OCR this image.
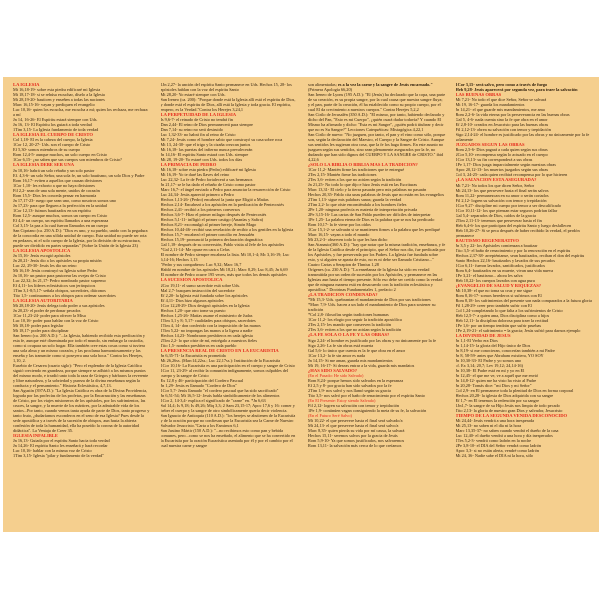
LA IGLESIA
Mt 16,18-19- sobre esta piedra edificaré mi Iglesia
Mt 18,17-18- si se rehúsa escuchar, díselo a la Iglesia
Mt 28,19-20- bauticen y enseñen a todas las naciones
Marc 16,15-16- vayan y prediquen el evangelio
Luc 10,16- quien los escucha, me escucha a mí; quien los rechaza, me rechaza a mí
Jn 14, 16-26- El Espíritu estará siempre con Uds.
Jn 16, 13- El Espíritu los guiará a toda verdad
1Tim 3,15- La Iglesia fundamento de toda verdad
LA IGLESIA EL CUERPO DE CRISTO
Col 1,18- El es la cabeza del cuerpo, la Iglesia
1Cor 12, 20-27- Uds. son el cuerpo de Cristo
Ef 5,30- somos miembros de su cuerpo
Rom 12,4-5- aunque muchos, un solo cuerpo en Cristo
1Cor 6,15- ¿no saben que sus cuerpos son miembros de Cristo?
LA IGLESIA DEBE SER UNA
Jn 10,16- habrá un solo rebaño y un solo pastor
Ef. 4,3-6- un solo Señor, una sola fe, un solo bautismo, un solo Dios y Padre
Rom 16,17- eviten a aquellos que causan divisiones
1Cor 1,10- les exhorto a que no haya divisiones
Fil 2,2- sean de una sola mente, unidos de corazón
Rom 15,5- Dios les conceda pensar en harmonía
Jn 17,17-23- ruego que sean uno, como nosotros somos uno
Jn 17,23- para que lleguen a la perfección en la unidad
1Cor 12,13- fuimos bautizados en un espíritu
Rom 12,5- aunque muchos, somos un cuerpo en Cristo
Ef 4,4- un cuerpo, un espíritu llamados a una esperanza
Col 3,15- la paz a la cual fueron llamados en un cuerpo
San Cipriano (ca. 250 A.D.): "Dios es uno, y su pueblo, unido con la pegadura de la concordia en una sólida unidad de cuerpo. Esta unidad no puede ser rota en pedazos, ni el solo cuerpo de la Iglesia, por la división de su estructura, puede ser dividido en partes separadas" (Sobre la Unión de la Iglesia 23)
LA IGLESIA APOSTOLICA
Jn 15,16- Jesús escogió apóstoles
Jn 20,21- Jesús dio a los apóstoles su propia misión
Luc 22, 29-30- Jesús les dio un reino
Mt 16,18- Jesús construyó su Iglesia sobre Pedro
Jn 10,16- un pastor para pastorear las ovejas de Cristo
Luc 22,32; Jn 21,17- Pedro nombrado pastor supremo
Ef 4,11- los líderes eclesiásticos son jerárquicos
1Tim 3,1-8;5,17- señala obispos, sacerdotes, diáconos
Tito 1,5- continuamos a los obispos para ordenar sacerdotes
LA IGLESIA AUTORITARIA
Mt 28,18-20- Jesús delega todo poder a sus apóstoles
Jn 20,23- el poder de perdonar pecados
1Cor 11,23-24- poder para ofrecer la Misa
Luc 10,16- poder para hablar con la voz de Cristo
Mt 18,18- poder para legislar
Mt 18,17- poder para disciplinar
San Ireneo (ca. 200 A.D.): "...la Iglesia, habiendo recibido esta predicación y esta fe, aunque esté diseminada por todo el mundo, sin embargo la custodia, como si ocupara un solo hogar. Ella también cree estas cosas como si tuviera una sola alma y un mismo corazón, y las proclama harmoniosamente y las enseña y las transmite como si poseyera una sola boca." Contra los Herejes, 1,10, 2.
Eusebio de Cesarea (cuarto siglo): "Pero el esplendor de la Iglesia Católica siguió creciendo en grandeza, porque siempre se adhirió a los mismos puntos del mismo modo, e irradió unto toda la raza de Griegos y bárbaros la reverente y libre naturaleza, y la sobriedad y pureza de la divina enseñanza según la conducta y el pensamiento." Historia Eclesiástica, 4,7,13.
San Agustín (397A.D.): "La Iglesia Católica es obra de la Divina Providencia, lograda por las profecías de los profetas, por la Encarnación y las enseñanzas de Cristo, por los viajes misioneros de los apóstoles, por los sufrimientos, las cruces, la sangre, y la muerte de los mártires, por la admirable vida de los santos...Por tanto, cuando vemos tanta ayuda de parte de Dios, tanto progreso y tanto fruto, ¿dudaríamos esconderos en el seno de esa Iglesia? Pues desde la sede apostólica y a través de la sucesión de obispos, aun hasta la abierta confesión de toda la humanidad, ella ha poseído la corona de la autoridad didáctica". La Ventaja de Creer 35.
IGLESIA INFALIBLE
Jn 16,13- Guiada por el espíritu Santo hacia toda verdad
Jn 14,26- El espíritu Santo les enseñará y hará recordar
Luc 10,16- hablar con la misma voz de Cristo
1Tim 3,15- Iglesia "pilar y fundamento de la verdad"
1Jn 2,27- la unción del espíritu Santo permanece en Uds. Hechos 15, 28- los apóstoles hablan con la voz del espíritu Santo
Mt 28,20- Yo estaré siempre con Uds.
San Ireneo (ca. 200): "Porque donde está la Iglesia allí está el espíritu de Dios, y donde está el espíritu de Dios, allí está la Iglesia y toda gracia. El espíritu, empero, es la Verdad."Contra los Herejes 3,24,1
LA PERPETUIDAD DE LA IGLESIA
Is 9,6-7- el reinado de Cristo no tendrá fin
Dan 2,44- El reino de Dios permanecerá para siempre
Dan 7,14- su reino no será destruido
Luc 1,32-33- no habrá fin al reino de Cristo
Mt 7,24- Jesús como el hombre sabio que construyó su casa sobre roca
Mt 13, 24-30- que el trigo y la cizaña crezcan juntos
Mt 16,18- las puertas del infierno nunca prevalecerán
Jn 14,16- El espíritu Santo estará con Uds. siempre
Mt 28, 19-20- Yo estaré con Uds. todos los días
LA PRIMACIA DE PEDRO
Mt 16,18- sobre esta piedra (Pedro) edificaré mi Iglesia
Mt 16,19- Yo te daré las llaves del reino
Luc 22,32- La fe de Pedro fortalecerá a sus hermanos
Jn 21,17- se le ha dado el rebaño de Cristo como pastor
Marc 16,7- el ángel enviado a Pedro para anunciar la resurrección de Cristo
Luc 24,34- Jesús apareció primero a Pedro
Hechos 1,13-26- (Pedro) encabezó la junta que Eligió a Matías
Hechos 2,14- Encabezó a los apóstoles en la predicación de Pentecostés
Hechos 2,41- recibió a los primeros conversos
Hechos 3,6-7- Hizo el primer milagro después de Pentecostés
Hechos 5,1-11- infligió el primer castigo (Ananías y Safira)
Hechos 8,21- excomulgó al primer hereje, Simón Mago
Hechos 10,44-46- recibió una revelación de recibir a los gentiles en la Iglesia
Hechos 15,7- encabezó el primer concilio en Jerusalén
Hechos 15,19- pronunció la primera declaración dogmática
Gal 1,18- después de su conversión, Pablo visita al Jefe de los apóstoles
*Gal 2,11-14- Me opuse en cara a Cefas
El nombre de Pedro siempre encabeza la lista. Mt 10,1-4; Mc 3,16-19; Luc 6,14-16; Hechos 1,13
"Pedro y sus compañeros: Luc 9,32; Marc 16,7
Habló en nombre de los apóstoles Mt 18,21; Marc 8,29; Luc 8,45; Jn 6,69
El nombre de Pedro ocurre 195 veces, más que todos los demás apóstoles
LA SUCESION APOSTOLICA
2Cro 19,11- el sumo sacerdote está sobre Uds.
Mal 2,7- busquen instrucción del sacerdote
Ef 2,20- la Iglesia está fundada sobre los apóstoles
Ef 4,11- Dios hizo algunos apóstoles
1Cor 12,28-29- Dios designó apóstoles en la Iglesia
Hechos 1,20- que otro tome su puesto
Hechos 1,25-26- Matías asume el ministerio de Judas
1Tim 3,1 y 8; 5,17- cualidades para obispos, sacerdotes
1Tim 4, 14- don conferido con la imposición de las manos
1Tim 5,22- no impongas las manos a la ligera a nadie
Hechos 14,23- Nombraron presbíteros en cada iglesia
2Tim 2,2- lo que oíste de mí, entrégalo a maestros fieles
Tito 1,5- nombra presbíteros en cada pueblo
LA PRESENCIA REAL DE CRISTO EN LA EUCARISTIA
Jn 6,35-71- la Eucaristía es prometida
Mt 26,26ss. (Marc14,22ss.; Luc 22,17ss.): Institución de la Eucaristía
1Cor 10,16- La Eucaristía es una participación en el cuerpo y sangre de Cristo
1Cor 11, 23-29- al recibir la comunión indignamente, somos culpables del cuerpo y la sangre de Cristo
Ex 12,8 y 46- participación del Cordero Pascual
Jn 1,29- Jesús es llamado "Cordero de Dios"
1Cor 5,7- Jesús llamado "el cordero pascual que ha sido sacrificado"
Jn 6,51-54; Mt 16,5-12- Jesús habla simbólicamente de los alimentos
1Cor 2, 14-3,4- explica el significado de "carne" en. *Jn 6,63
Sal 14,4; Is 9,18; Is 49,26; Miq 3,3; 2 Sam 23,15-17; Apoc 17,6 y 16: comer y beber el cuerpo y la sangre de otro simbólicamente quería decir violencia.
San Ignacio de Antioquía (110 A.D.): "los herejes se abstienen de la Eucaristía y de la oración porque no confiesan que la Eucaristía sea la Carne de Nuestro Salvador Jesucristo."Carta a los Esmirnos 6,1
San Justino Mártir (150 A.D.): "...no recibimos esto como pan y bebida comunes, pero...como se nos ha enseñado, el alimento que se ha convertido en la Eucaristía por la oración Eucarística asentada por él y por el cambio por el cual nuestra carne y sangre
son alimentadas; es a la vez la carne y la sangre de Jesús encarnado." (Primera Apología 66,20)
San Ireneo de Lyons (195 A.D.): "El (Jesús) ha declarado que la copa, una parte de su creación, es su propia sangre, por la cual causa que nuestra sangre fluya; y el pan, parte de la creación, él ha establecido como su propio cuerpo, por el cual El da crecimiento a nuestros cuerpos." Contra Herejes 5,2,2
San Cirilo de Jerusalén (350 A.D.): "El mismo, por tanto, habiendo declarado y dicho del Pan, "Esto es mi Cuerpo", ¿quién osará dudar todavía? Y cuando El Mismo ha afirmado y dicho: "Esta es mi Sangre", ¿quién podrá titubear y decir que no es Su Sangre?" Lecciones Catequéticas: Mistagógica 4,22,1
San Cirilo de nuevo: "No juzguen, por tanto, el pan y el vino como sólo, porque son, según la declaración del Maestro, el Cuerpo y la Sangre de Cristo. Aunque sus sentidos les sugieran otra cosa, que la fe los haga firmes. En este asunto no juzguen según sus sentidos, sino sean plenamente asegurados por la fe, no dudando que han sido dignos del CUERPO Y LA SANGRE de CRISTO." ibid 4,22,6
¿SOLO LA BIBLIA O BIBLIA MAS LA TRADICION?
1Cor 11,2- Mantén firme las tradiciones que te entregué
2Tes 2,15- Mantén firme las tradiciones
2Tes 3,6- eviten a los que no actúen según la tradición
Jn 21,25- No todo lo que dijo e hizo Jesús está en las Escrituras
Marc 13,31- El cielo y la tierra pasarán pero mis palabras no pasarán
Hechos 20,35- Pablo cita unas palabras de Jesús que no están en los evangelios
2Tim 1,13- sigue mis palabras sanas; guarda la verdad
2Tim 2,2- lo que oíste encomiéndalo a los hombres fieles
2Pe 1,20- ninguna profecía es materia de interpretación privada
2Pe 3,15-16- Las cartas de San Pablo pueden ser difíciles de interpretar
1Pe 1,25- La palabra eterna de Dios es la palabra que se nos ha predicado
Rom 10,17- la fe viene por los oídos
1Cor 15,1-2- se salvarán si se mantienen firmes a la palabra que les prediqué
Marc 16,15- vayan a todo el mundo
Mt 23,2-3- observen todo lo que les han dicho
San Atanasio(360 A.D.): "hay que notar que la misma tradición, enseñanza, y fe de la Iglesia Católica desde el principio, que el Señor nos dio, fue predicada por los Apóstoles, y fue preservada por los Padres. La Iglesia fue fundada sobre esto, y si alguien se aparta de esto, no es ni debe ser llamado Cristiano..." Cuatro Cartas a Serapion de Thmius 1,28
Orígenes (ca. 230 A.D.): "La enseñanza de la Iglesia ha sido en verdad transmitida por un orden de sucesión por los Apóstoles, y permanece en las Iglesias aun hasta el tiempo presente. Sólo eso debe ser creído como la verdad que de ninguna manera está en desacuerdo con la tradición eclesiástica y apostólica." Doctrinas Fundamentales 1, prefacio 2
¿LA TRADICION CONDENADA?
*Mt 15,3- Uds. quebrantan el mandamiento de Dios por sus tradiciones
*Marc 7,9- Uds. hacen a un lado el mandamiento de Dios para sostener su tradición
*Col 2,8- filosofías según tradiciones humanas
1Cor 11,2- los elogio por seguir la tradición apostólica
2Tes 2,15- les mando que conserven la tradición
2Tes 3,6- eviten a los que no actúan según la tradición
¿LA FE SOLA O LA FE Y LAS OBRAS?
Sigo 2,24- el hombre es justificado por las obras y no únicamente por la fe
Sigo 2,26- La fe sin obras está muerta
Gal 5,6- lo único que cuenta es la fe que obra en el amor
1Cor 13,2- la fe sin amor es nada
Jn 14,15- Si me aman, guarda mis mandamientos
Mt 19, 16-17- Si deseas entrar a la vida, guarda mis mandatos
¿HAS SIDO SALVADO?
(En el Pasado: He sido Salvado)
Rom 8,24- porque hemos sido salvados en la esperanza
Ef 2,5 y 8- por gracia han sido salvados por la fe
2Tim 1,9- nos salvó y nos llamó según su gracia
Tito 3,5- nos salvó por el baño de renacimiento por el espíritu Santo
(En El Presente: Estoy siendo Salvado)
Fil 2,12- logren su salvación con temor y trepidación
1Pe 1,9- continúen vagan consiguiendo la meta de su fe, la salvación
(En el Futuro Seré Salvo)
Mt 10,22- el que persevere hasta el final será salvado/a
Mt 24,13- el que persevere hasta el final será salvo/a
Marc 8,35- quien pierda su vida por mí causa, la salvará
Hechos 15,11- seremos salvos por la gracia de Jesús
Rom 5,9-10- Ya que somos justificados, nos salvaremos
Rom 13,11- la salvación más cerca de lo que creíamos
1Cor 3,15- será salvo, pero como a través de fuego
Heb 9,28- Jesús aparecerá por segunda vez, para traer la salvación
LAS BUENAS OBRAS
Mt 7,21- No todo el que dice Señor, Señor se salvará
Mt 19, 16-17- guarda los mandamientos
Jn 14,21- el que guarde mis mandamientos, me ama
Rom 2,2-6- la vida eterna por la perseverancia en las buenas obras
Gal 5, 4-6- nada cuenta sino la fe que obra en el amor
Ef 2,8-10- creados en Jesucristo para las buenas obras
Fil 2,12-13- obrea su salvación con temor y trepidación
Sigo 2,14-24- el hombre es justificado por las obras y no únicamente por la fe solamente
JUZGADOS SEGUN LAS OBRAS
Rom 2,5-6- Dios pagará a cada quien según sus obras
2Cor 5,10- recompensa según lo actuado en el cuerpo
1Cor 13,13- su fin corresponderá a sus obras
1Pe 1,17- Dios juzga imparcialmente según nuestras obras
Apoc 20,12-13- los muertos juzgados según sus obras
Col 3, 24-25- cada quien recibirá recompensa por lo que hicieren
¿LA SALVACION ESTA ASEGURADA?
Mt 7,21- No todos los que dicen Señor, Señor
Mt 24,13- los que persevere hasta el final serán salvos
Rom 11,22- permanezcan en su amor o serán cortados
Fil 2,12- logren su salvación con temor y trepidación
1Cor 9,27- discipline mi cuerpo por temor a ser descalificado
1Cor 10,11-12- los que piensan estar seguros podrían fallar
Gal 5,4- separados de Dios, caídos de la gracia
2Tim 2,11-13- tenemos que perseverar hasta el fin
Heb 6,4-6- los que participan del espíritu Santo y luego desfallecen
Heb 10,26-27- Si se peca después de haber recibido la verdad, el perdón permanece
BAUTISMO REGENERATIVO
Jn 3,5 y 22- los Apóstoles comienzan a bautizar
Tito 3,5- el baño de renacimiento y por la renovación en el espíritu
Hechos 2,37-38- arrepiéntanse, sean bautizados, reciban el don del espíritu
Santo Hechos 22,16- bautizados y lavados de sus pecados
1Cor 6,11- fueron lavados, santificados, justificados
Rom 6,4- bautizados en su muerte, vivan una vida nueva
1Pe 3,21- el bautismo... ahora les salva
Heb 10,22- los cuerpos lavados con agua pura
¿EVANGELIO DE SALUD Y RIQUEZAS?
Mt 10,38- el que no toma su cruz y me sigue
Rom 8,16-17- somos herederos si sufrimos con El
Rom 8,18- los sufrimientos del presente son nada comparados a la futura gloria
Fil 1,28-29- creer pero también sufrir con El
Col 1,24-completando lo que falta a los sufrimientos de Cristo
Heb 12,5-7- a quien ama, Dios disciplina como a hijos
Heb 12,11- la disciplina dolorosa para traer la rectitud
1Pe 1,6- por un tiempo tendrán que sufrir pruebas
1Pe 2,19-21- el sufrimiento = la gracia; Jesús sufrió para darnos ejemplo
LA DIVINIDAD DE JESUS
Jn 1,1-El Verbo era Dios
Jn 1,14-15- la gloria del Hijo único de Dios
Jn 8,19- si me conocieran, conocerían también a mi Padre
Jn 8, 58-59- antes que Abraham existiera, YO SOY
Jn 10,30-33- El Padre y yo somos uno
cf. Ex 3,14; 20,7; Lev 19,12; 24,14-16)
Jn 10,38- El Padre está en mí y yo en El
Jn 12,45- el que me ve, ve a aquél que me envió
Jn 14,8-12- quien me ha visto ha visto al Padre
Jn 20,28- Tomás dice: "mi Dios y mi Señor"
Col 2,9- en El permanece toda la plenitud de Dios en forma corporal
Hechos 20,28- la iglesia de Dios adquirida con su sangre
Ef 1,7- en El tenemos la redención por su sangre
1Jn1,7- la sangre de su Hijo Jesús nos limpia de todo pecado
Tito 2,13- la gloria de nuestro gran Dios y salvador, Jesucristo
TIEMPO DE LA SEGUNDA VENIDA DESCONOCIDO
Mt 24,44- Jesús vendrá a una hora inesperada
Mt 25,13- no saben ni el día ni la hora
Marc 13,35-37- no saben cuando vendrá el dueño de la casa
Luc 12,40- el dueño vendrá a una hora y día inesperados
1Tes 5,2-3- vendrá como ladrón en la noche
2Pe 3,8-10- el DIA del Señor vendrá como ladrón
Apoc 3,3- si no están alerta, vendré como ladrón
Mt 24, 36- Nadie sabe el DIA ni la hora, sólo
